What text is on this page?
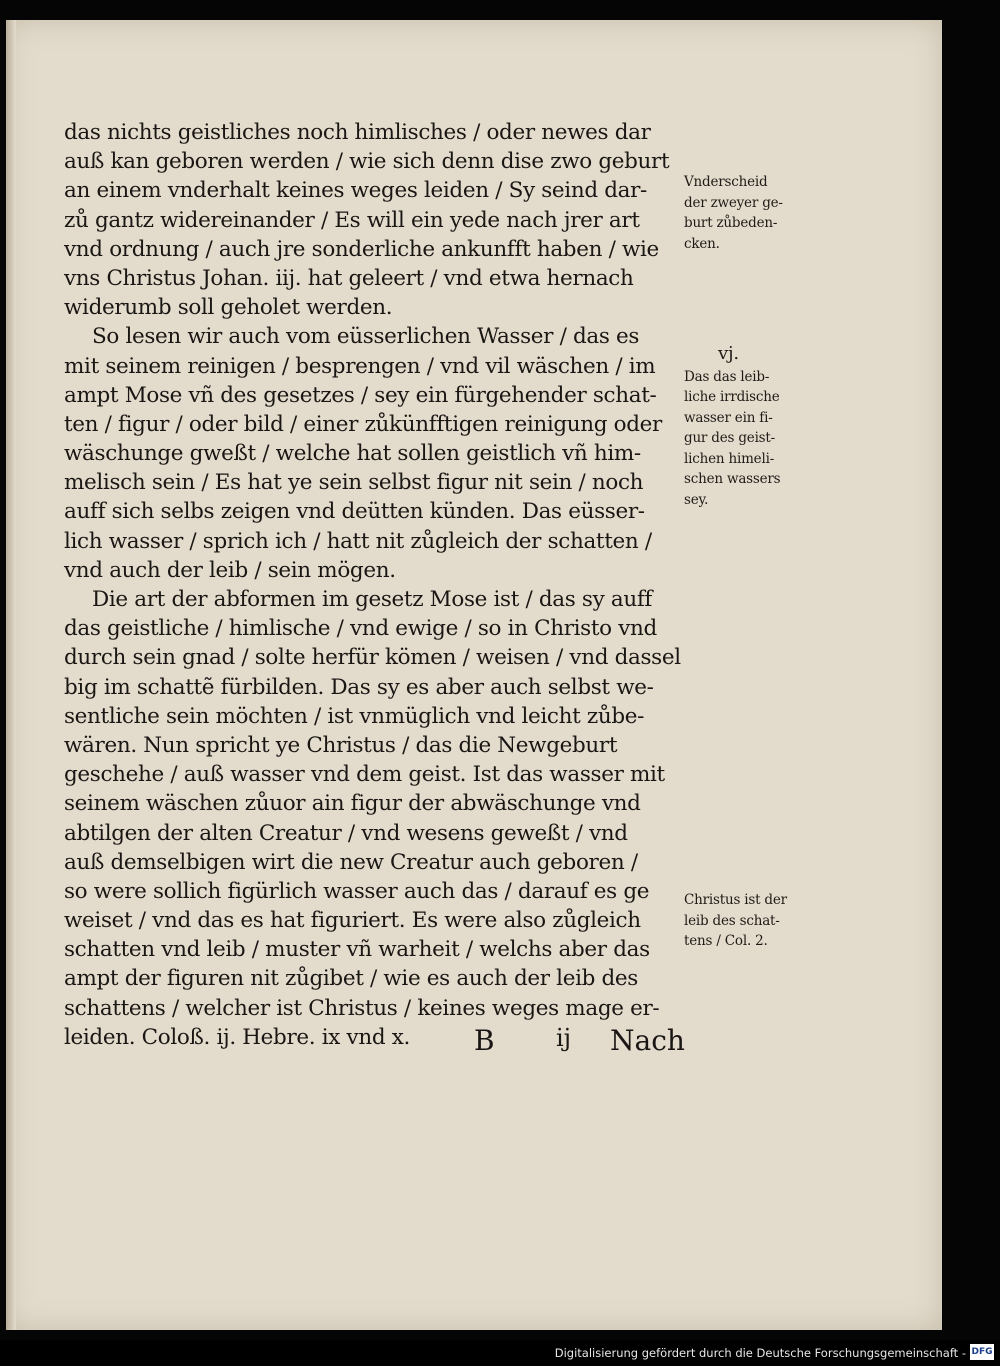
das nichts geistliches noch himlisches / oder newes dar
auß kan geboren werden / wie sich denn dise zwo geburt
an einem vnderhalt keines weges leiden / Sy seind dar-
zů gantz widereinander / Es will ein yede nach jrer art
vnd ordnung / auch jre sonderliche ankunfft haben / wie
vns Christus Johan. iij. hat geleert / vnd etwa hernach
widerumb soll geholet werden.
So lesen wir auch vom eüsserlichen Wasser / das es
mit seinem reinigen / besprengen / vnd vil wäschen / im
ampt Mose vñ des gesetzes / sey ein fürgehender schat-
ten / figur / oder bild / einer zůkünfftigen reinigung oder
wäschunge gweßt / welche hat sollen geistlich vñ him-
melisch sein / Es hat ye sein selbst figur nit sein / noch
auff sich selbs zeigen vnd deütten künden. Das eüsser-
lich wasser / sprich ich / hatt nit zůgleich der schatten /
vnd auch der leib / sein mögen.
Die art der abformen im gesetz Mose ist / das sy auff
das geistliche / himlische / vnd ewige / so in Christo vnd
durch sein gnad / solte herfür kömen / weisen / vnd dassel
big im schattẽ fürbilden. Das sy es aber auch selbst we-
sentliche sein möchten / ist vnmüglich vnd leicht zůbe-
wären. Nun spricht ye Christus / das die Newgeburt
geschehe / auß wasser vnd dem geist. Ist das wasser mit
seinem wäschen zůuor ain figur der abwäschunge vnd
abtilgen der alten Creatur / vnd wesens geweßt / vnd
auß demselbigen wirt die new Creatur auch geboren /
so were sollich figürlich wasser auch das / darauf es ge
weiset / vnd das es hat figuriert. Es were also zůgleich
schatten vnd leib / muster vñ warheit / welchs aber das
ampt der figuren nit zůgibet / wie es auch der leib des
schattens / welcher ist Christus / keines weges mage er-
leiden. Coloß. ij. Hebre. ix vnd x.
Vnderscheid
der zweyer ge-
burt zůbeden-
cken.
vj.
Das das leib-
liche irrdische
wasser ein fi-
gur des geist-
lichen himeli-
schen wassers
sey.
Christus ist der
leib des schat-
tens / Col. 2.
B	ij Nach
Digitalisierung gefördert durch die Deutsche Forschungsgemeinschaft - DFG
